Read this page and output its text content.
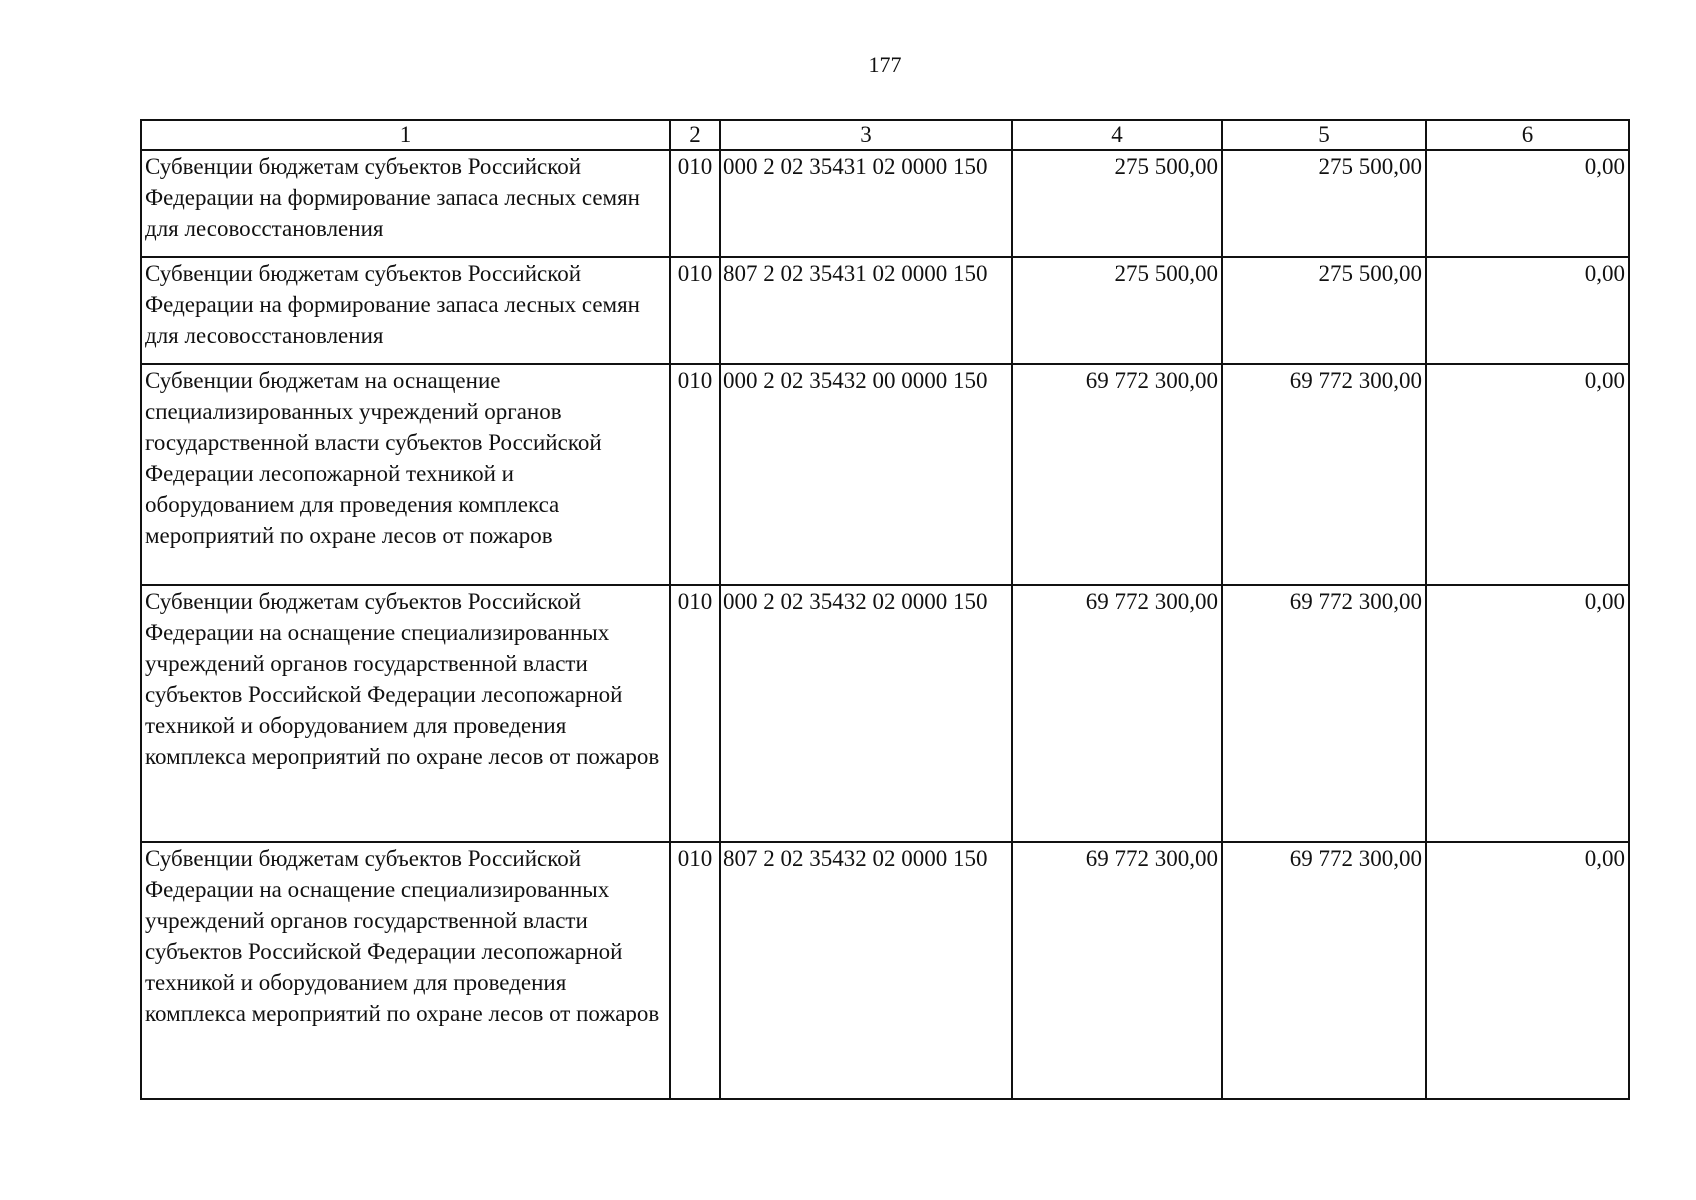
177
1	2	3	4	5	6
Субвенции бюджетам субъектов Российской Федерации на формирование запаса лесных семян для лесовосстановления	010	000 2 02 35431 02 0000 150	275 500,00	275 500,00	0,00
Субвенции бюджетам субъектов Российской Федерации на формирование запаса лесных семян для лесовосстановления	010	807 2 02 35431 02 0000 150	275 500,00	275 500,00	0,00
Субвенции бюджетам на оснащение специализированных учреждений органов государственной власти субъектов Российской Федерации лесопожарной техникой и оборудованием для проведения комплекса мероприятий по охране лесов от пожаров	010	000 2 02 35432 00 0000 150	69 772 300,00	69 772 300,00	0,00
Субвенции бюджетам субъектов Российской Федерации на оснащение специализированных учреждений органов государственной власти субъектов Российской Федерации лесопожарной техникой и оборудованием для проведения комплекса мероприятий по охране лесов от пожаров	010	000 2 02 35432 02 0000 150	69 772 300,00	69 772 300,00	0,00
Субвенции бюджетам субъектов Российской Федерации на оснащение специализированных учреждений органов государственной власти субъектов Российской Федерации лесопожарной техникой и оборудованием для проведения комплекса мероприятий по охране лесов от пожаров	010	807 2 02 35432 02 0000 150	69 772 300,00	69 772 300,00	0,00
